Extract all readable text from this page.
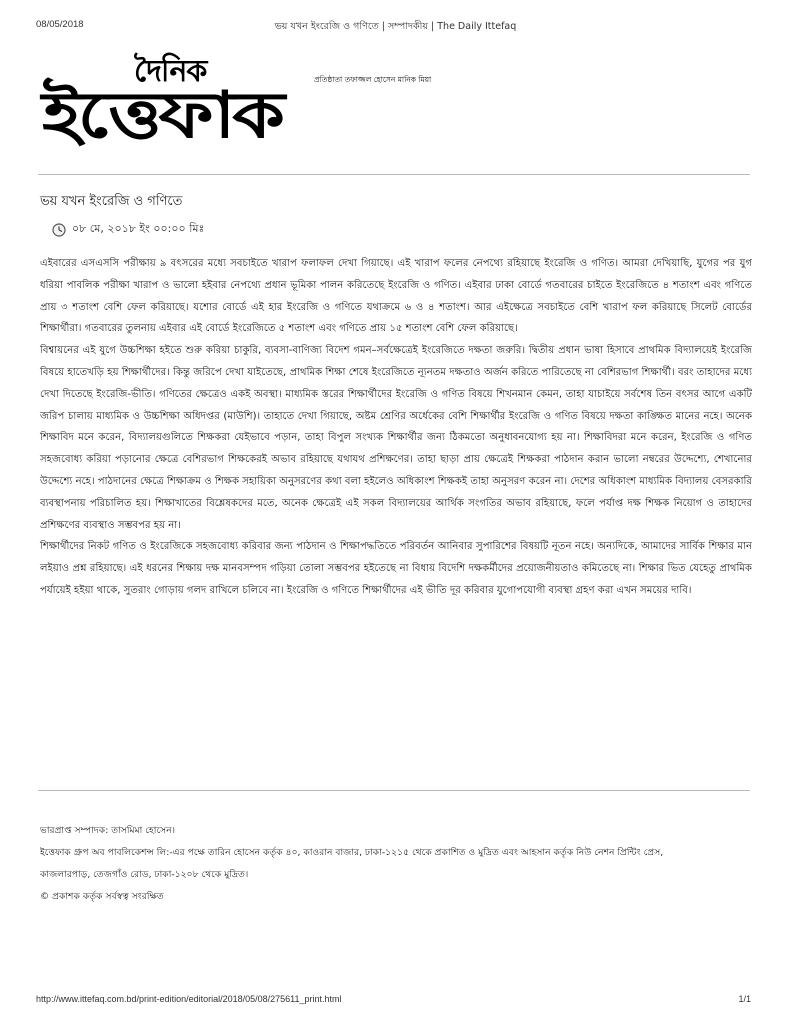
08/05/2018	ভয় যখন ইংরেজি ও গণিতে | সম্পাদকীয় | The Daily Ittefaq
দৈনিক	প্রতিষ্ঠাতা তফাজ্জল হোসেন মানিক মিয়া
ইত্তেফাক
ভয় যখন ইংরেজি ও গণিতে
০৮ মে, ২০১৮ ইং ০০:০০ মিঃ

এইবারের এসএসসি পরীক্ষায় ৯ বৎসরের মধ্যে সবচাইতে খারাপ ফলাফল দেখা গিয়াছে। এই খারাপ ফলের নেপথ্যে রহিয়াছে ইংরেজি ও গণিত। আমরা দেখিয়াছি, যুগের পর যুগ ধরিয়া পাবলিক পরীক্ষা খারাপ ও ভালো হইবার নেপথ্যে প্রধান ভূমিকা পালন করিতেছে ইংরেজি ও গণিত। এইবার ঢাকা বোর্ডে গতবারের চাইতে ইংরেজিতে ৪ শতাংশ এবং গণিতে প্রায় ৩ শতাংশ বেশি ফেল করিয়াছে। যশোর বোর্ডে এই হার ইংরেজি ও গণিতে যথাক্রমে ৬ ও ৪ শতাংশ। আর এইক্ষেত্রে সবচাইতে বেশি খারাপ ফল করিয়াছে সিলেট বোর্ডের শিক্ষার্থীরা। গতবারের তুলনায় এইবার এই বোর্ডে ইংরেজিতে ৫ শতাংশ এবং গণিতে প্রায় ১৫ শতাংশ বেশি ফেল করিয়াছে।

বিশ্বায়নের এই যুগে উচ্চশিক্ষা হইতে শুরু করিয়া চাকুরি, ব্যবসা-বাণিজ্য বিদেশ গমন–সর্বক্ষেত্রেই ইংরেজিতে দক্ষতা জরুরি। দ্বিতীয় প্রধান ভাষা হিসাবে প্রাথমিক বিদ্যালয়েই ইংরেজি বিষয়ে হাতেখড়ি হয় শিক্ষার্থীদের। কিন্তু জরিপে দেখা যাইতেছে, প্রাথমিক শিক্ষা শেষে ইংরেজিতে ন্যূনতম দক্ষতাও অর্জন করিতে পারিতেছে না বেশিরভাগ শিক্ষার্থী। বরং তাহাদের মধ্যে দেখা দিতেছে ইংরেজি-ভীতি। গণিতের ক্ষেত্রেও একই অবস্থা। মাধ্যমিক স্তরের শিক্ষার্থীদের ইংরেজি ও গণিত বিষয়ে শিখনমান কেমন, তাহা যাচাইয়ে সর্বশেষ তিন বৎসর আগে একটি জরিপ চালায় মাধ্যমিক ও উচ্চশিক্ষা অধিদপ্তর (মাউশি)। তাহাতে দেখা গিয়াছে, অষ্টম শ্রেণির অর্ধেকের বেশি শিক্ষার্থীর ইংরেজি ও গণিত বিষয়ে দক্ষতা কাঙ্ক্ষিত মানের নহে। অনেক শিক্ষাবিদ মনে করেন, বিদ্যালয়গুলিতে শিক্ষকরা যেইভাবে পড়ান, তাহা বিপুল সংখ্যক শিক্ষার্থীর জন্য ঠিকমতো অনুধাবনযোগ্য হয় না। শিক্ষাবিদরা মনে করেন, ইংরেজি ও গণিত সহজবোধ্য করিয়া পড়ানোর ক্ষেত্রে বেশিরভাগ শিক্ষকেরই অভাব রহিয়াছে যথাযথ প্রশিক্ষণের। তাহা ছাড়া প্রায় ক্ষেত্রেই শিক্ষকরা পাঠদান করান ভালো নম্বরের উদ্দেশ্যে, শেখানোর উদ্দেশ্যে নহে। পাঠদানের ক্ষেত্রে শিক্ষাক্রম ও শিক্ষক সহায়িকা অনুসরণের কথা বলা হইলেও অধিকাংশ শিক্ষকই তাহা অনুসরণ করেন না। দেশের অধিকাংশ মাধ্যমিক বিদ্যালয় বেসরকারি ব্যবস্থাপনায় পরিচালিত হয়। শিক্ষাখাতের বিশ্লেষকদের মতে, অনেক ক্ষেত্রেই এই সকল বিদ্যালয়ের আর্থিক সংগতির অভাব রহিয়াছে, ফলে পর্যাপ্ত দক্ষ শিক্ষক নিয়োগ ও তাহাদের প্রশিক্ষণের ব্যবস্থাও সম্ভবপর হয় না।

শিক্ষার্থীদের নিকট গণিত ও ইংরেজিকে সহজবোধ্য করিবার জন্য পাঠদান ও শিক্ষাপদ্ধতিতে পরিবর্তন আনিবার সুপারিশের বিষয়টি নূতন নহে। অন্যদিকে, আমাদের সার্বিক শিক্ষার মান লইয়াও প্রশ্ন রহিয়াছে। এই ধরনের শিক্ষায় দক্ষ মানবসম্পদ গড়িয়া তোলা সম্ভবপর হইতেছে না বিধায় বিদেশি দক্ষকর্মীদের প্রয়োজনীয়তাও কমিতেছে না। শিক্ষার ভিত যেহেতু প্রাথমিক পর্যায়েই হইয়া থাকে, সুতরাং গোড়ায় গলদ রাখিলে চলিবে না। ইংরেজি ও গণিতে শিক্ষার্থীদের এই ভীতি দূর করিবার যুগোপযোগী ব্যবস্থা গ্রহণ করা এখন সময়ের দাবি।

ভারপ্রাপ্ত সম্পাদক: তাসমিমা হোসেন।
ইত্তেফাক গ্রুপ অব পাবলিকেশন্স লি:-এর পক্ষে তারিন হোসেন কর্তৃক ৪০, কাওরান বাজার, ঢাকা-১২১৫ থেকে প্রকাশিত ও মুদ্রিত এবং আহসান কর্তৃক নিউ নেশন প্রিন্টিং প্রেস,
কাজলারপাড়, তেজগাঁও রোড, ঢাকা-১২০৮ থেকে মুদ্রিত।
© প্রকাশক কর্তৃক সর্বস্বত্ব সংরক্ষিত
http://www.ittefaq.com.bd/print-edition/editorial/2018/05/08/275611_print.html	1/1
